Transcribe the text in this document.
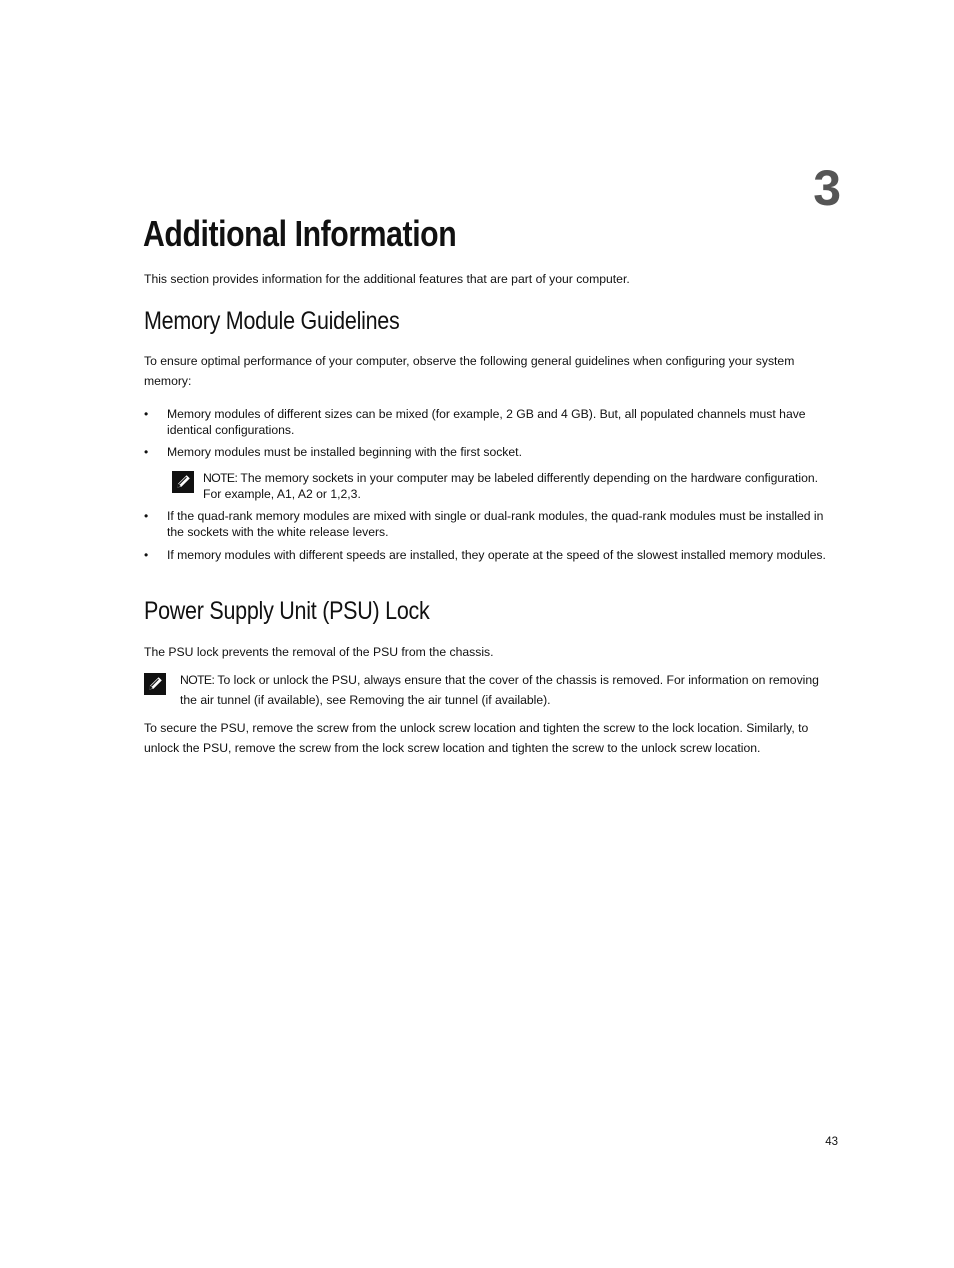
3
Additional Information

This section provides information for the additional features that are part of your computer.

Memory Module Guidelines

To ensure optimal performance of your computer, observe the following general guidelines when configuring your system memory:

•	Memory modules of different sizes can be mixed (for example, 2 GB and 4 GB). But, all populated channels must have identical configurations.
•	Memory modules must be installed beginning with the first socket.
NOTE: The memory sockets in your computer may be labeled differently depending on the hardware configuration. For example, A1, A2 or 1,2,3.
•	If the quad-rank memory modules are mixed with single or dual-rank modules, the quad-rank modules must be installed in the sockets with the white release levers.
•	If memory modules with different speeds are installed, they operate at the speed of the slowest installed memory modules.
Power Supply Unit (PSU) Lock

The PSU lock prevents the removal of the PSU from the chassis.

NOTE: To lock or unlock the PSU, always ensure that the cover of the chassis is removed. For information on removing the air tunnel (if available), see Removing the air tunnel (if available).

To secure the PSU, remove the screw from the unlock screw location and tighten the screw to the lock location. Similarly, to unlock the PSU, remove the screw from the lock screw location and tighten the screw to the unlock screw location.

43
